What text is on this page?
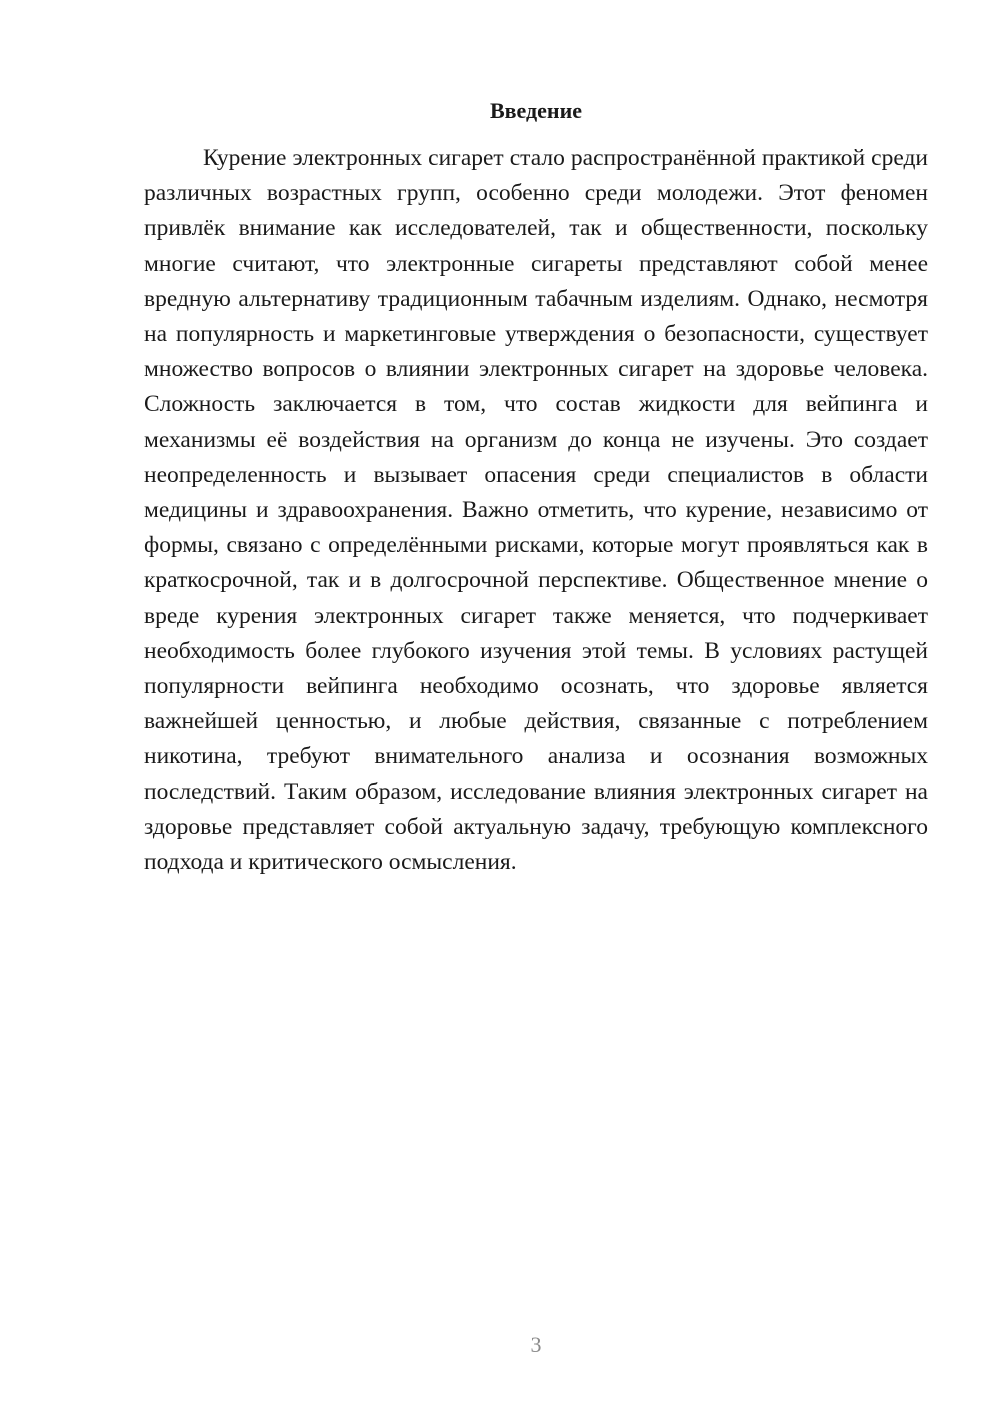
Введение

Курение электронных сигарет стало распространённой практикой среди различных возрастных групп, особенно среди молодежи. Этот феномен привлёк внимание как исследователей, так и общественности, поскольку многие считают, что электронные сигареты представляют собой менее вредную альтернативу традиционным табачным изделиям. Однако, несмотря на популярность и маркетинговые утверждения о безопасности, существует множество вопросов о влиянии электронных сигарет на здоровье человека. Сложность заключается в том, что состав жидкости для вейпинга и механизмы её воздействия на организм до конца не изучены. Это создает неопределенность и вызывает опасения среди специалистов в области медицины и здравоохранения. Важно отметить, что курение, независимо от формы, связано с определёнными рисками, которые могут проявляться как в краткосрочной, так и в долгосрочной перспективе. Общественное мнение о вреде курения электронных сигарет также меняется, что подчеркивает необходимость более глубокого изучения этой темы. В условиях растущей популярности вейпинга необходимо осознать, что здоровье является важнейшей ценностью, и любые действия, связанные с потреблением никотина, требуют внимательного анализа и осознания возможных последствий. Таким образом, исследование влияния электронных сигарет на здоровье представляет собой актуальную задачу, требующую комплексного подхода и критического осмысления.

3
